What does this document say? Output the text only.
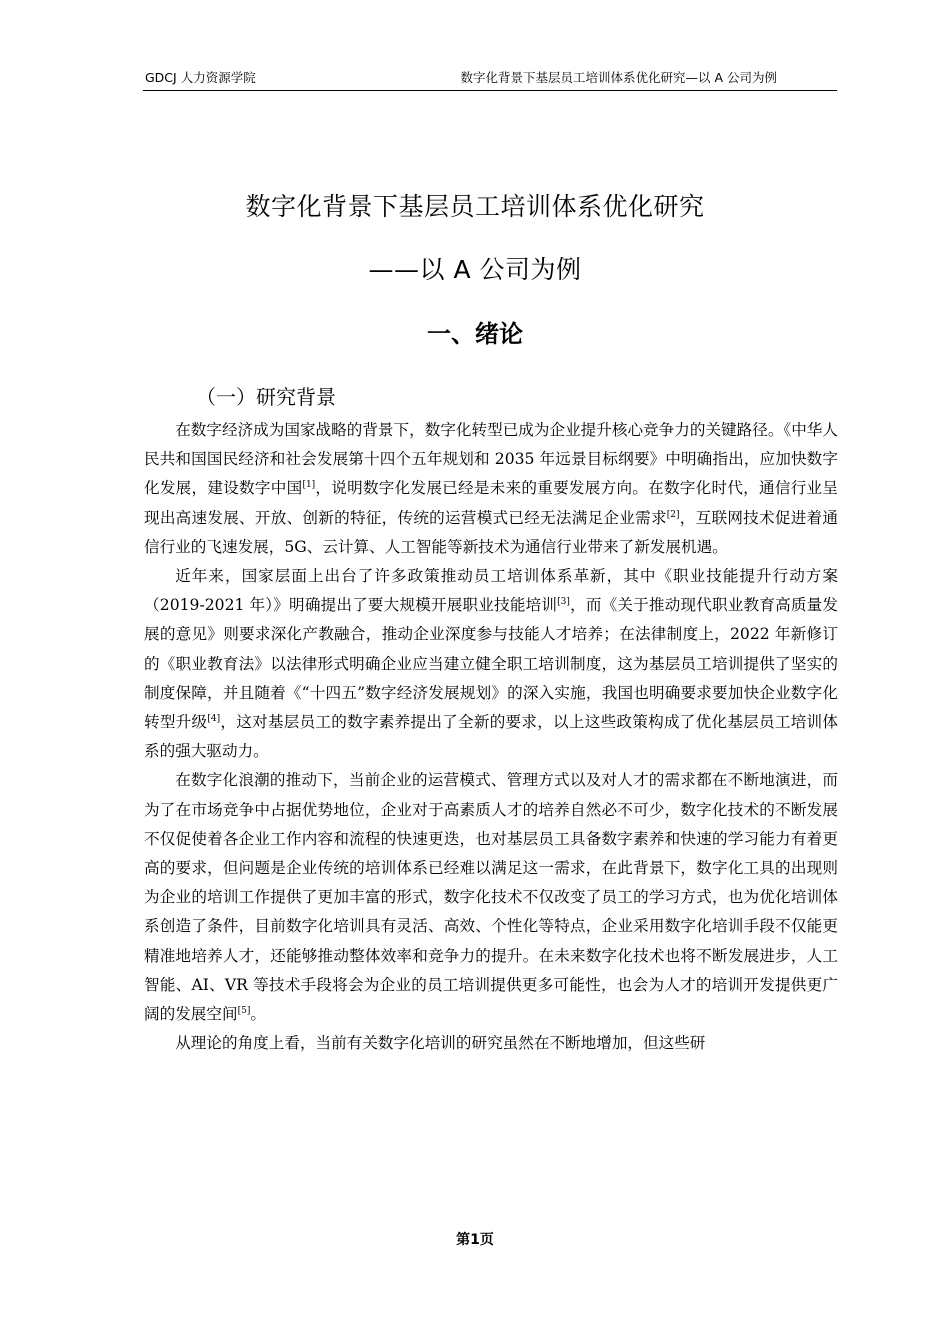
GDCJ 人力资源学院	数字化背景下基层员工培训体系优化研究—以 A 公司为例
数字化背景下基层员工培训体系优化研究
——以 A 公司为例
一、绪论
（一）研究背景

在数字经济成为国家战略的背景下，数字化转型已成为企业提升核心竞争力的关键路径。《中华人民共和国国民经济和社会发展第十四个五年规划和 2035 年远景目标纲要》中明确指出，应加快数字化发展，建设数字中国[1]，说明数字化发展已经是未来的重要发展方向。在数字化时代，通信行业呈现出高速发展、开放、创新的特征，传统的运营模式已经无法满足企业需求[2]，互联网技术促进着通信行业的飞速发展，5G、云计算、人工智能等新技术为通信行业带来了新发展机遇。

近年来，国家层面上出台了许多政策推动员工培训体系革新，其中《职业技能提升行动方案（2019-2021 年）》明确提出了要大规模开展职业技能培训[3]，而《关于推动现代职业教育高质量发展的意见》则要求深化产教融合，推动企业深度参与技能人才培养；在法律制度上，2022 年新修订的《职业教育法》以法律形式明确企业应当建立健全职工培训制度，这为基层员工培训提供了坚实的制度保障，并且随着《“十四五”数字经济发展规划》的深入实施，我国也明确要求要加快企业数字化转型升级[4]，这对基层员工的数字素养提出了全新的要求，以上这些政策构成了优化基层员工培训体系的强大驱动力。

在数字化浪潮的推动下，当前企业的运营模式、管理方式以及对人才的需求都在不断地演进，而为了在市场竞争中占据优势地位，企业对于高素质人才的培养自然必不可少，数字化技术的不断发展不仅促使着各企业工作内容和流程的快速更迭，也对基层员工具备数字素养和快速的学习能力有着更高的要求，但问题是企业传统的培训体系已经难以满足这一需求，在此背景下，数字化工具的出现则为企业的培训工作提供了更加丰富的形式，数字化技术不仅改变了员工的学习方式，也为优化培训体系创造了条件，目前数字化培训具有灵活、高效、个性化等特点，企业采用数字化培训手段不仅能更精准地培养人才，还能够推动整体效率和竞争力的提升。在未来数字化技术也将不断发展进步，人工智能、AI、VR 等技术手段将会为企业的员工培训提供更多可能性，也会为人才的培训开发提供更广阔的发展空间[5]。

从理论的角度上看，当前有关数字化培训的研究虽然在不断地增加，但这些研

第1页
